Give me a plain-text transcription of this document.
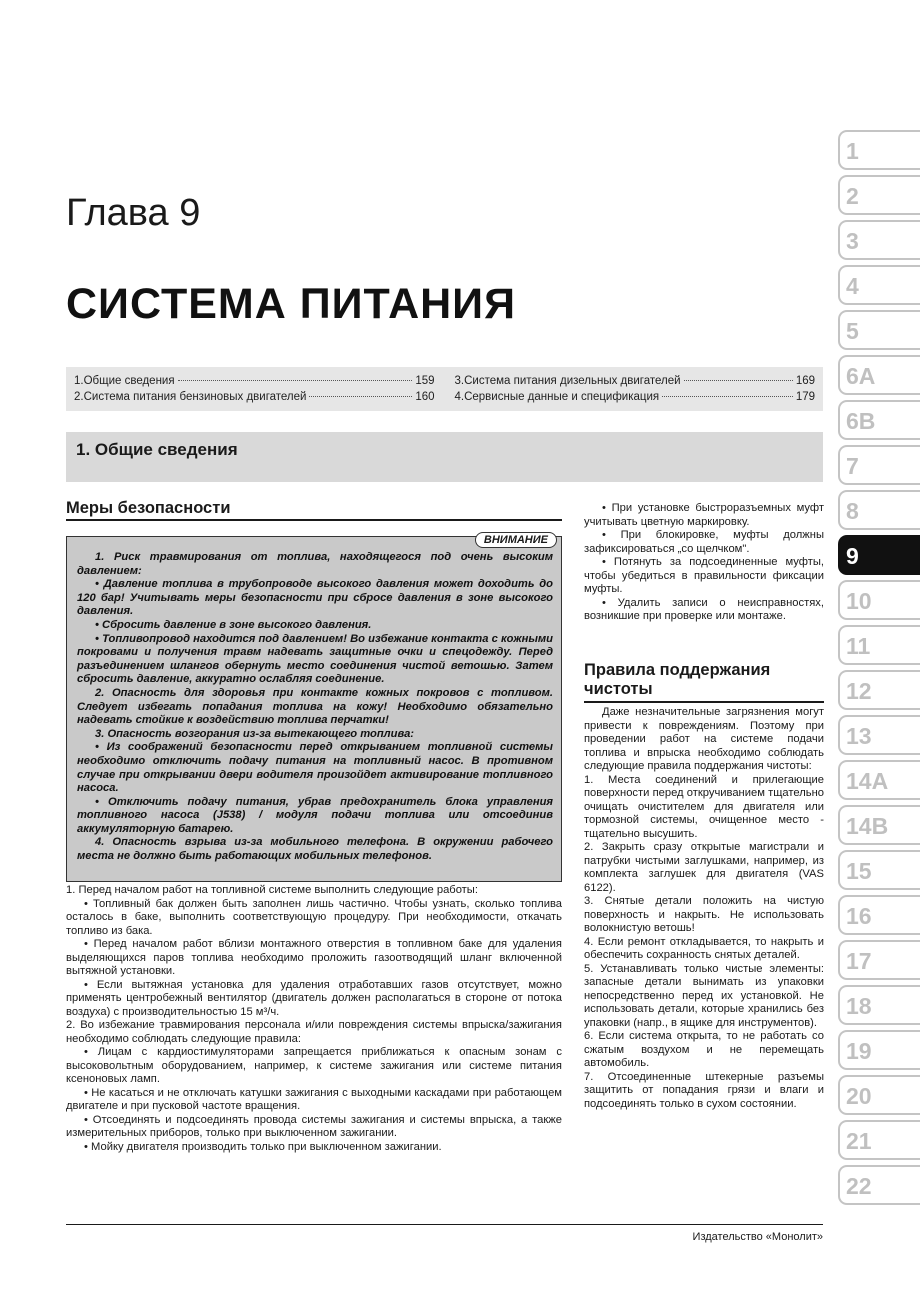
Глава 9
СИСТЕМА ПИТАНИЯ
1.Общие сведения	159 3.Система питания дизельных двигателей	169
2.Система питания бензиновых двигателей	160 4.Сервисные данные и спецификация	179
1. Общие сведения
Меры безопасности
ВНИМАНИЕ

1. Риск травмирования от топлива, находящегося под очень высоким давлением:

• Давление топлива в трубопроводе высокого давления может доходить до 120 бар! Учитывать меры безопасности при сбросе давления в зоне высокого давления.

• Сбросить давление в зоне высокого давления.

• Топливопровод находится под давлением! Во избежание контакта с кожными покровами и получения травм надевать защитные очки и спецодежду. Перед разъединением шлангов обернуть место соединения чистой ветошью. Затем сбросить давление, аккуратно ослабляя соединение.

2. Опасность для здоровья при контакте кожных покровов с топливом. Следует избегать попадания топлива на кожу! Необходимо обязательно надевать стойкие к воздействию топлива перчатки!

3. Опасность возгорания из-за вытекающего топлива:

• Из соображений безопасности перед открыванием топливной системы необходимо отключить подачу питания на топливный насос. В противном случае при открывании двери водителя произойдет активирование топливного насоса.

• Отключить подачу питания, убрав предохранитель блока управления топливного насоса (J538) / модуля подачи топлива или отсоединив аккумуляторную батарею.

4. Опасность взрыва из-за мобильного телефона. В окружении рабочего места не должно быть работающих мобильных телефонов.

1. Перед началом работ на топливной системе выполнить следующие работы:

• Топливный бак должен быть заполнен лишь частично. Чтобы узнать, сколько топлива осталось в баке, выполнить соответствующую процедуру. При необходимости, откачать топливо из бака.

• Перед началом работ вблизи монтажного отверстия в топливном баке для удаления выделяющихся паров топлива необходимо проложить газоотводящий шланг включенной вытяжной установки.

• Если вытяжная установка для удаления отработавших газов отсутствует, можно применять центробежный вентилятор (двигатель должен располагаться в стороне от потока воздуха) с производительностью 15 м³/ч.

2. Во избежание травмирования персонала и/или повреждения системы впрыска/зажигания необходимо соблюдать следующие правила:

• Лицам с кардиостимуляторами запрещается приближаться к опасным зонам с высоковольтным оборудованием, например, к системе зажигания или системе питания ксеноновых ламп.

• Не касаться и не отключать катушки зажигания с выходными каскадами при работающем двигателе и при пусковой частоте вращения.

• Отсоединять и подсоединять провода системы зажигания и системы впрыска, а также измерительных приборов, только при выключенном зажигании.

• Мойку двигателя производить только при выключенном зажигании.

• При установке быстроразъемных муфт учитывать цветную маркировку.

• При блокировке, муфты должны зафиксироваться „со щелчком".

• Потянуть за подсоединенные муфты, чтобы убедиться в правильности фиксации муфты.

• Удалить записи о неисправностях, возникшие при проверке или монтаже.

Правила поддержания чистоты

Даже незначительные загрязнения могут привести к повреждениям. Поэтому при проведении работ на системе подачи топлива и впрыска необходимо соблюдать следующие правила поддержания чистоты:

1. Места соединений и прилегающие поверхности перед откручиванием тщательно очищать очистителем для двигателя или тормозной системы, очищенное место - тщательно высушить.

2. Закрыть сразу открытые магистрали и патрубки чистыми заглушками, например, из комплекта заглушек для двигателя (VAS 6122).

3. Снятые детали положить на чистую поверхность и накрыть. Не использовать волокнистую ветошь!

4. Если ремонт откладывается, то накрыть и обеспечить сохранность снятых деталей.

5. Устанавливать только чистые элементы: запасные детали вынимать из упаковки непосредственно перед их установкой. Не использовать детали, которые хранились без упаковки (напр., в ящике для инструментов).

6. Если система открыта, то не работать со сжатым воздухом и не перемещать автомобиль.

7. Отсоединенные штекерные разъемы защитить от попадания грязи и влаги и подсоединять только в сухом состоянии.

Издательство «Монолит»
1
2
3
4
5
6A
6B
7
8
9
10
11
12
13
14A
14B
15
16
17
18
19
20
21
22
